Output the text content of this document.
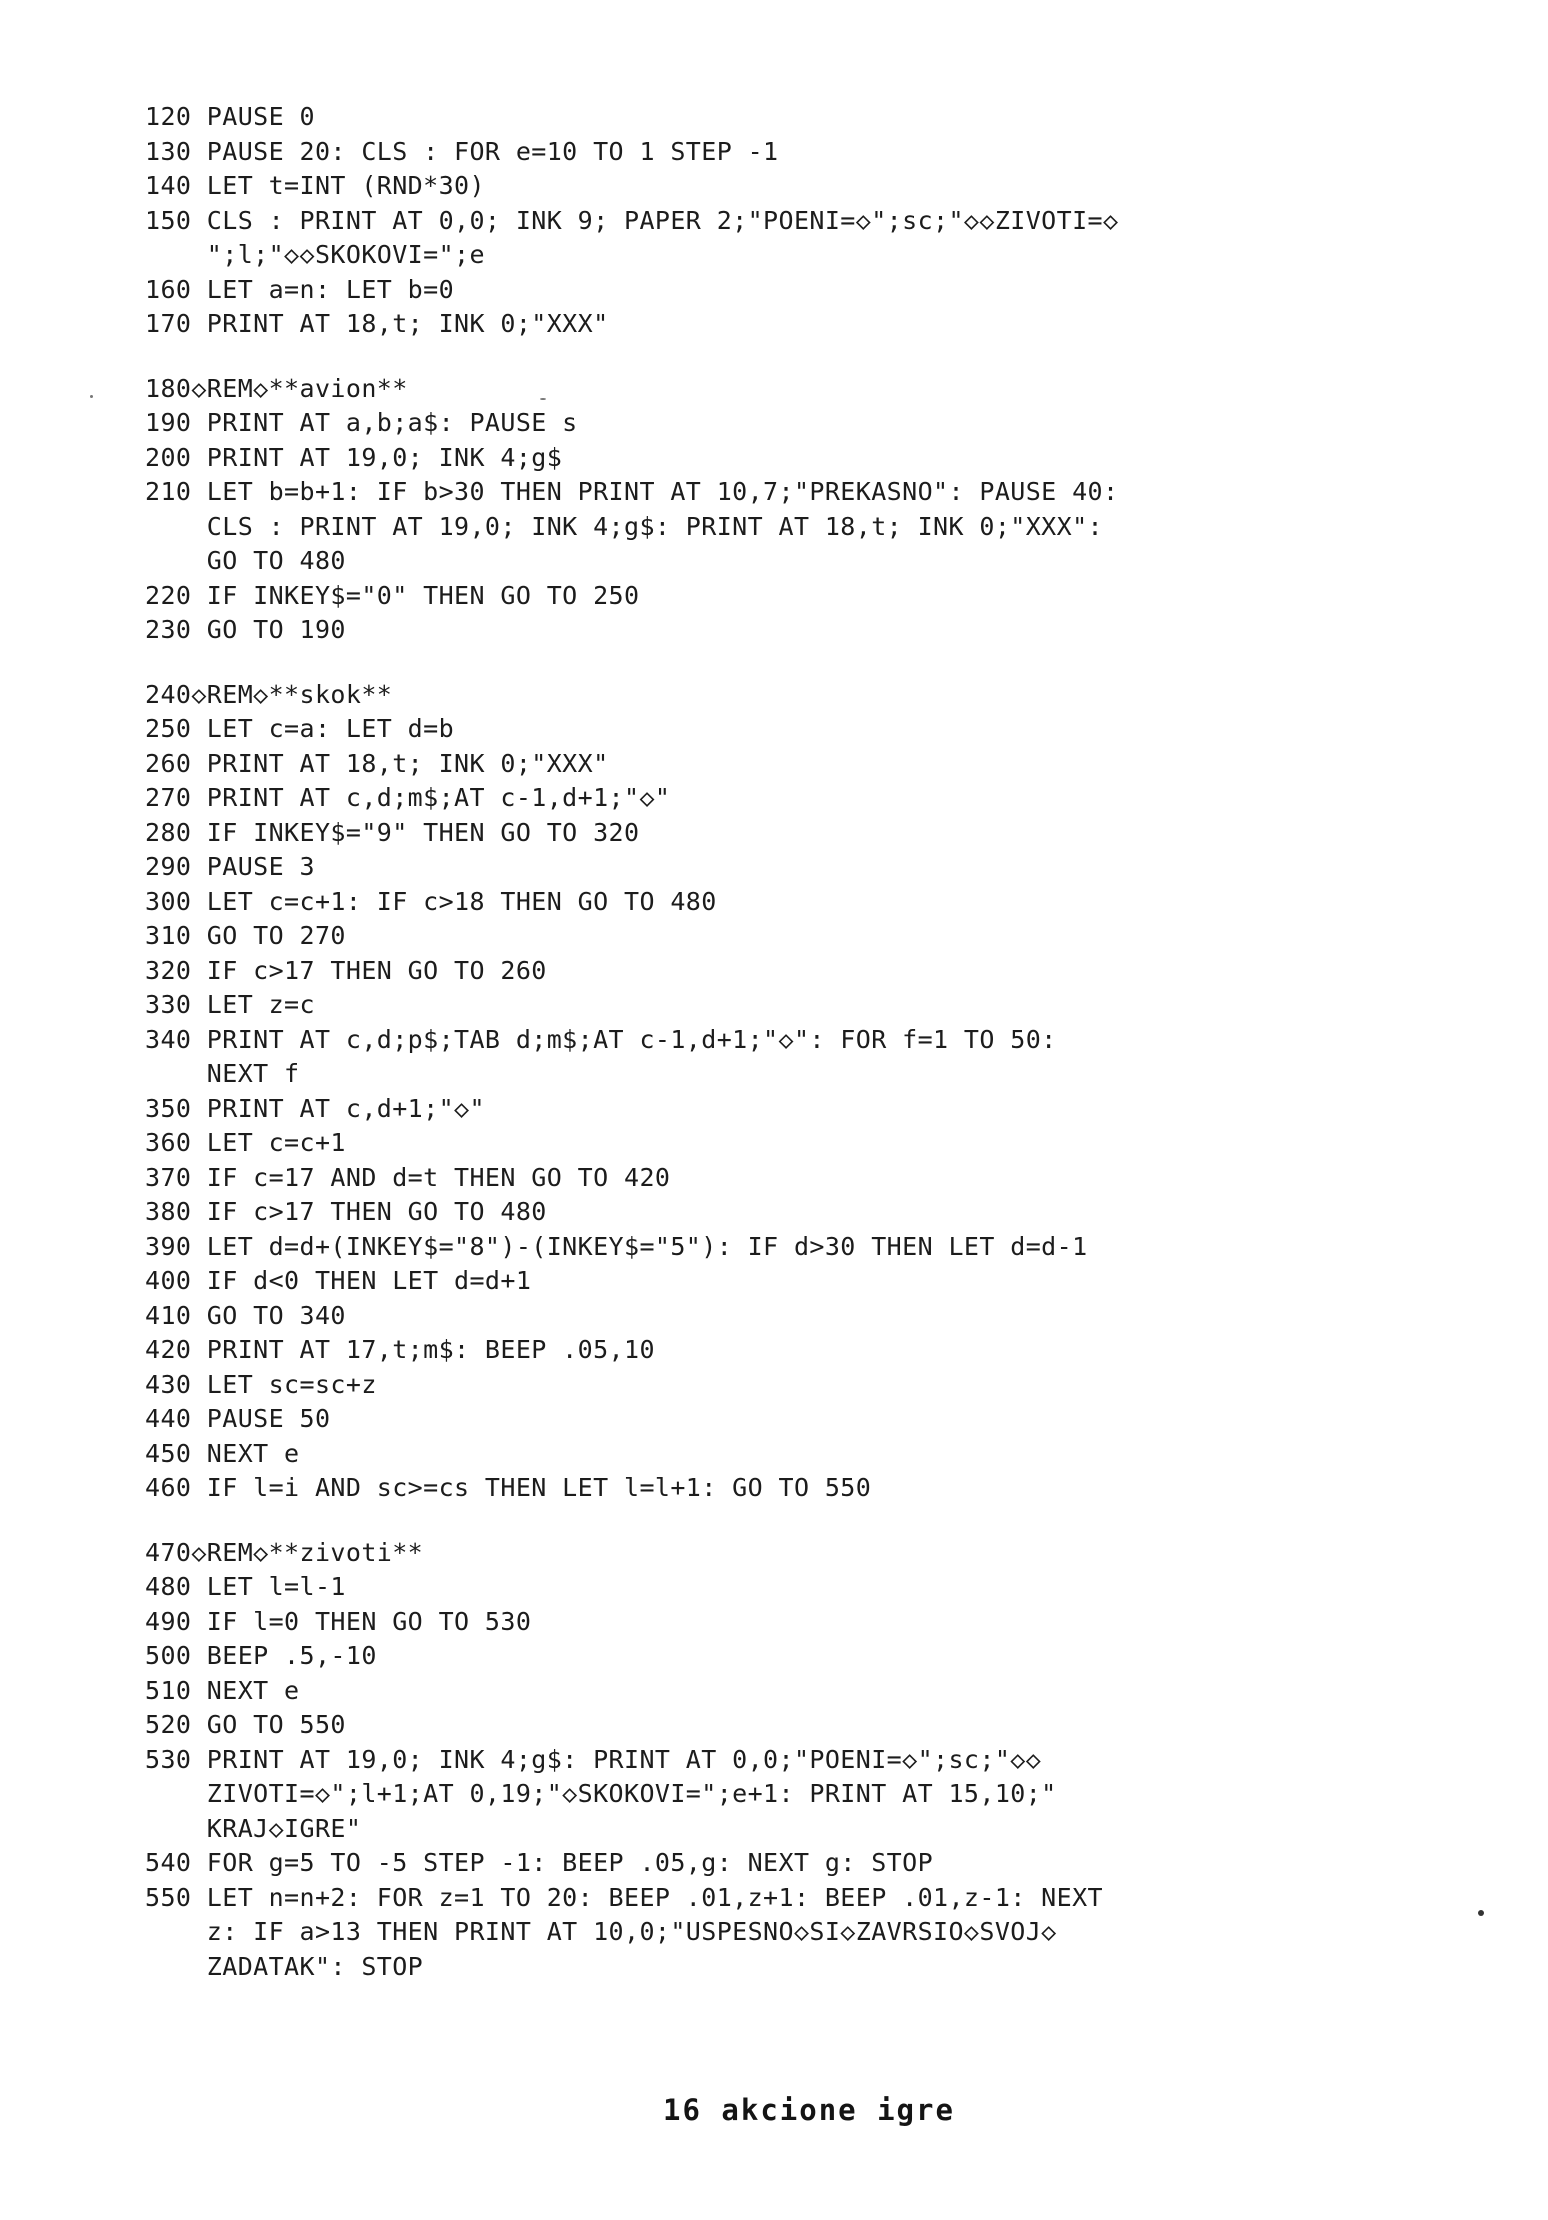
120 PAUSE 0
130 PAUSE 20: CLS : FOR e=10 TO 1 STEP -1
140 LET t=INT (RND*30)
150 CLS : PRINT AT 0,0; INK 9; PAPER 2;"POENI=◇";sc;"◇◇ZIVOTI=◇
";l;"◇◇SKOKOVI=";e
160 LET a=n: LET b=0
170 PRINT AT 18,t; INK 0;"XXX"
180◇REM◇**avion**
190 PRINT AT a,b;a$: PAUSE s
200 PRINT AT 19,0; INK 4;g$
210 LET b=b+1: IF b>30 THEN PRINT AT 10,7;"PREKASNO": PAUSE 40:
CLS : PRINT AT 19,0; INK 4;g$: PRINT AT 18,t; INK 0;"XXX":
GO TO 480
220 IF INKEY$="0" THEN GO TO 250
230 GO TO 190
240◇REM◇**skok**
250 LET c=a: LET d=b
260 PRINT AT 18,t; INK 0;"XXX"
270 PRINT AT c,d;m$;AT c-1,d+1;"◇"
280 IF INKEY$="9" THEN GO TO 320
290 PAUSE 3
300 LET c=c+1: IF c>18 THEN GO TO 480
310 GO TO 270
320 IF c>17 THEN GO TO 260
330 LET z=c
340 PRINT AT c,d;p$;TAB d;m$;AT c-1,d+1;"◇": FOR f=1 TO 50:
NEXT f
350 PRINT AT c,d+1;"◇"
360 LET c=c+1
370 IF c=17 AND d=t THEN GO TO 420
380 IF c>17 THEN GO TO 480
390 LET d=d+(INKEY$="8")-(INKEY$="5"): IF d>30 THEN LET d=d-1
400 IF d<0 THEN LET d=d+1
410 GO TO 340
420 PRINT AT 17,t;m$: BEEP .05,10
430 LET sc=sc+z
440 PAUSE 50
450 NEXT e
460 IF l=i AND sc>=cs THEN LET l=l+1: GO TO 550
470◇REM◇**zivoti**
480 LET l=l-1
490 IF l=0 THEN GO TO 530
500 BEEP .5,-10
510 NEXT e
520 GO TO 550
530 PRINT AT 19,0; INK 4;g$: PRINT AT 0,0;"POENI=◇";sc;"◇◇
ZIVOTI=◇";l+1;AT 0,19;"◇SKOKOVI=";e+1: PRINT AT 15,10;"
KRAJ◇IGRE"
540 FOR g=5 TO -5 STEP -1: BEEP .05,g: NEXT g: STOP
550 LET n=n+2: FOR z=1 TO 20: BEEP .01,z+1: BEEP .01,z-1: NEXT
z: IF a>13 THEN PRINT AT 10,0;"USPESNO◇SI◇ZAVRSIO◇SVOJ◇
ZADATAK": STOP
16 akcione igre
